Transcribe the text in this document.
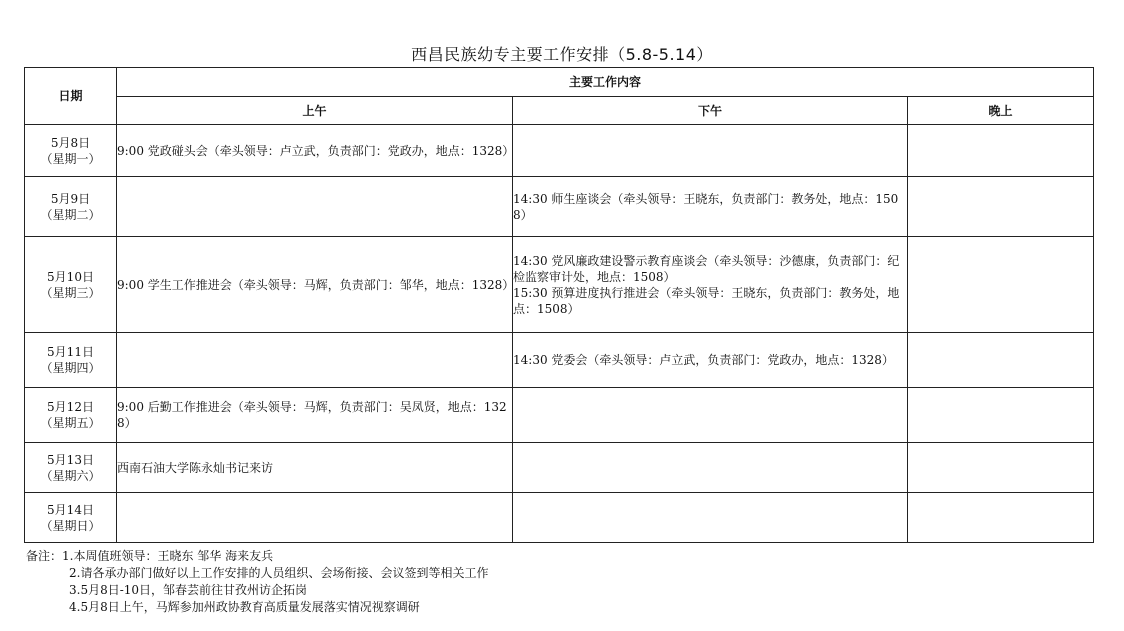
西昌民族幼专主要工作安排（5.8-5.14）
日期	主要工作内容		
	上午	下午	晚上

5月8日
（星期一）	9:00 党政碰头会（牵头领导：卢立武，负责部门：党政办，地点：1328）		

5月9日
（星期二）		14:30 师生座谈会（牵头领导：王晓东，负责部门：教务处，地点：1508）	

5月10日
（星期三）	9:00 学生工作推进会（牵头领导：马辉，负责部门：邹华，地点：1328）	14:30 党风廉政建设警示教育座谈会（牵头领导：沙德康，负责部门：纪检监察审计处，地点：1508）
15:30 预算进度执行推进会（牵头领导：王晓东，负责部门：教务处，地点：1508）	

5月11日
（星期四）		14:30 党委会（牵头领导：卢立武，负责部门：党政办，地点：1328）	

5月12日
（星期五）	9:00 后勤工作推进会（牵头领导：马辉，负责部门：吴凤贤，地点：1328）		

5月13日
（星期六）	西南石油大学陈永灿书记来访		

5月14日
（星期日）			

备注：1.本周值班领导：王晓东 邹华 海来友兵
2.请各承办部门做好以上工作安排的人员组织、会场衔接、会议签到等相关工作
3.5月8日-10日，邹春芸前往甘孜州访企拓岗
4.5月8日上午，马辉参加州政协教育高质量发展落实情况视察调研
